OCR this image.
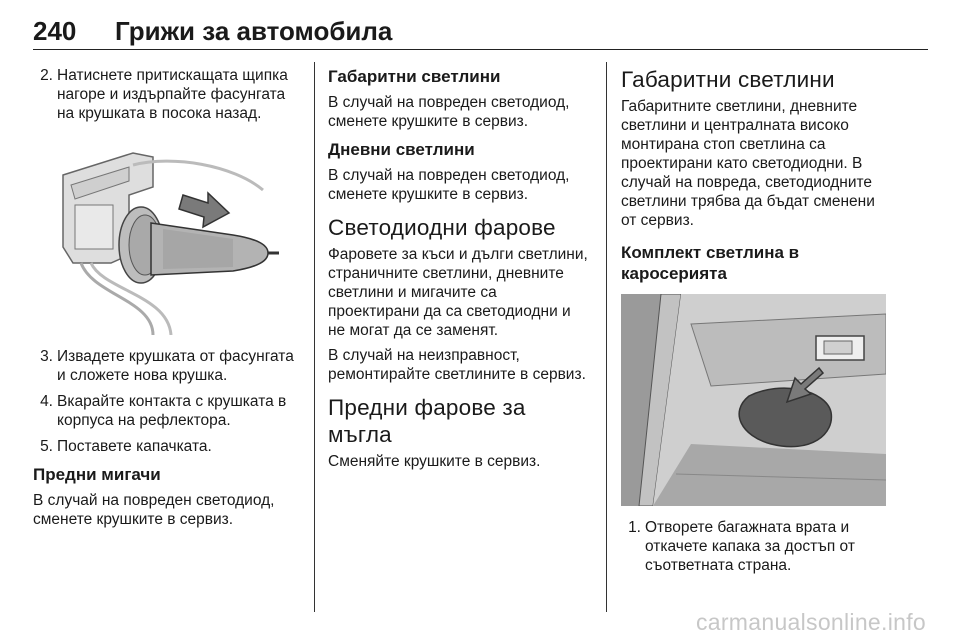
240 Грижи за автомобила
2. Натиснете притискащата щипка нагоре и издърпайте фасунгата на крушката в посока назад.
3. Извадете крушката от фасунгата и сложете нова крушка.
4. Вкарайте контакта с крушката в корпуса на рефлектора.
5. Поставете капачката.
Предни мигачи

В случай на повреден светодиод, сменете крушките в сервиз.

Габаритни светлини

В случай на повреден светодиод, сменете крушките в сервиз.

Дневни светлини

В случай на повреден светодиод, сменете крушките в сервиз.

Светодиодни фарове

Фаровете за къси и дълги светлини, страничните светлини, дневните светлини и мигачите са проектирани да са светодиодни и не могат да се заменят.

В случай на неизправност, ремонтирайте светлините в сервиз.

Предни фарове за мъгла

Сменяйте крушките в сервиз.

Габаритни светлини

Габаритните светлини, дневните светлини и централната високо монтирана стоп светлина са проектирани като светодиодни. В случай на повреда, светодиодните светлини трябва да бъдат сменени от сервиз.

Комплект светлина в каросерията
1. Отворете багажната врата и откачете капака за достъп от съответната страна.
carmanualsonline.info
